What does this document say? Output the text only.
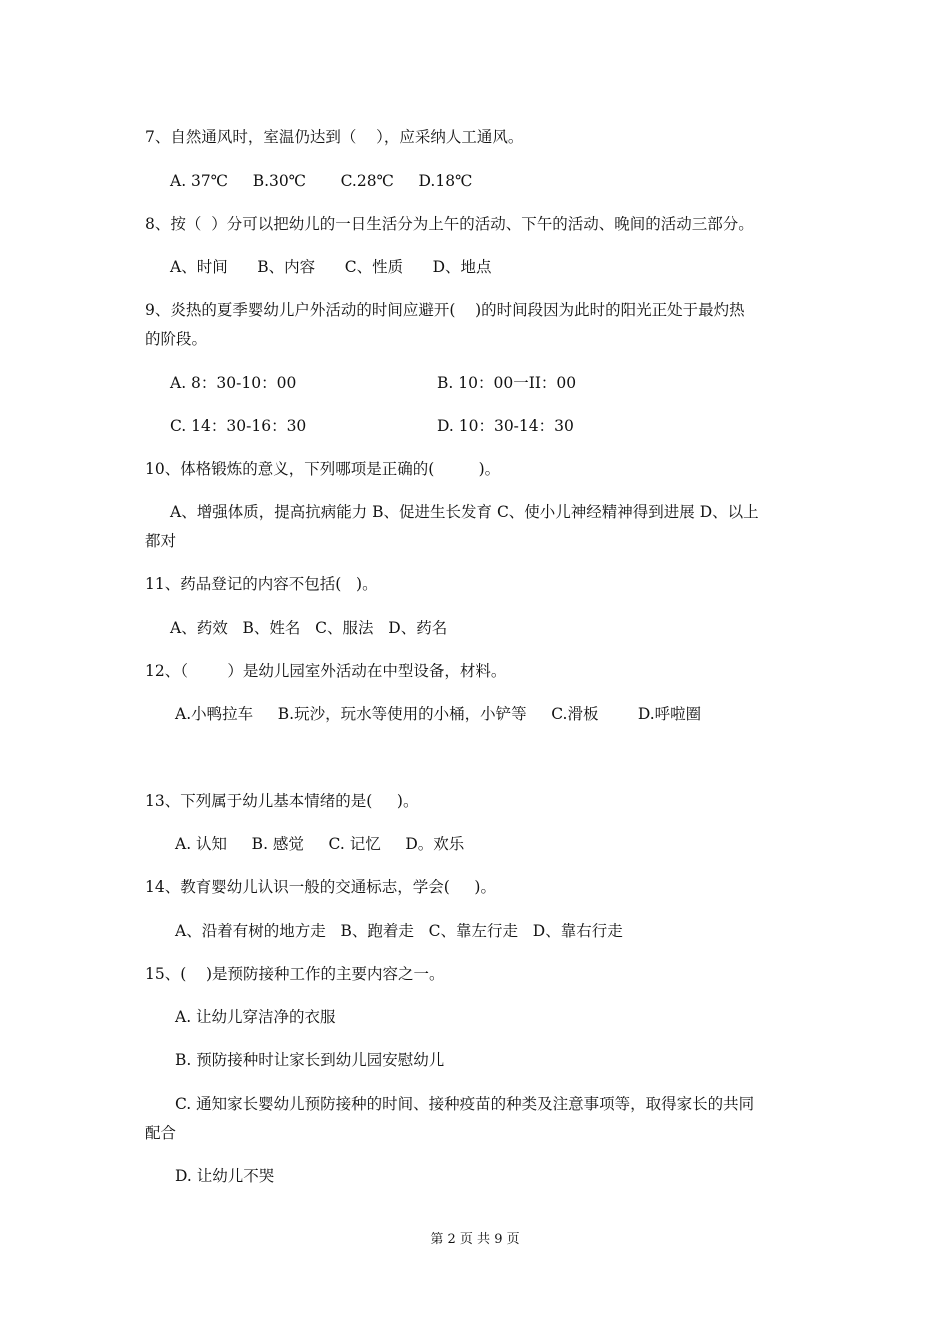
7、自然通风时，室温仍达到（    ），应采纳人工通风。

A. 37℃     B.30℃       C.28℃     D.18℃

8、按（  ）分可以把幼儿的一日生活分为上午的活动、下午的活动、晚间的活动三部分。

A、时间      B、内容      C、性质      D、地点

9、炎热的夏季婴幼儿户外活动的时间应避开(    )的时间段因为此时的阳光正处于最灼热

的阶段。

A. 8：30-10：00	B. 10：00一II：00

C. 14：30-16：30	D. 10：30-14：30

10、体格锻炼的意义，下列哪项是正确的(         )。

A、增强体质，提高抗病能力 B、促进生长发育 C、使小儿神经精神得到进展 D、以上

都对

11、药品登记的内容不包括(   )。

A、药效   B、姓名   C、服法   D、药名

12、（        ）是幼儿园室外活动在中型设备，材料。

A.小鸭拉车     B.玩沙，玩水等使用的小桶，小铲等     C.滑板        D.呼啦圈

13、下列属于幼儿基本情绪的是(     )。

A. 认知     B. 感觉     C. 记忆     D。欢乐

14、教育婴幼儿认识一般的交通标志，学会(     )。

A、沿着有树的地方走   B、跑着走   C、靠左行走   D、靠右行走

15、(    )是预防接种工作的主要内容之一。

A. 让幼儿穿洁净的衣服

B. 预防接种时让家长到幼儿园安慰幼儿

C. 通知家长婴幼儿预防接种的时间、接种疫苗的种类及注意事项等，取得家长的共同

配合

D. 让幼儿不哭

第 2 页 共 9 页
